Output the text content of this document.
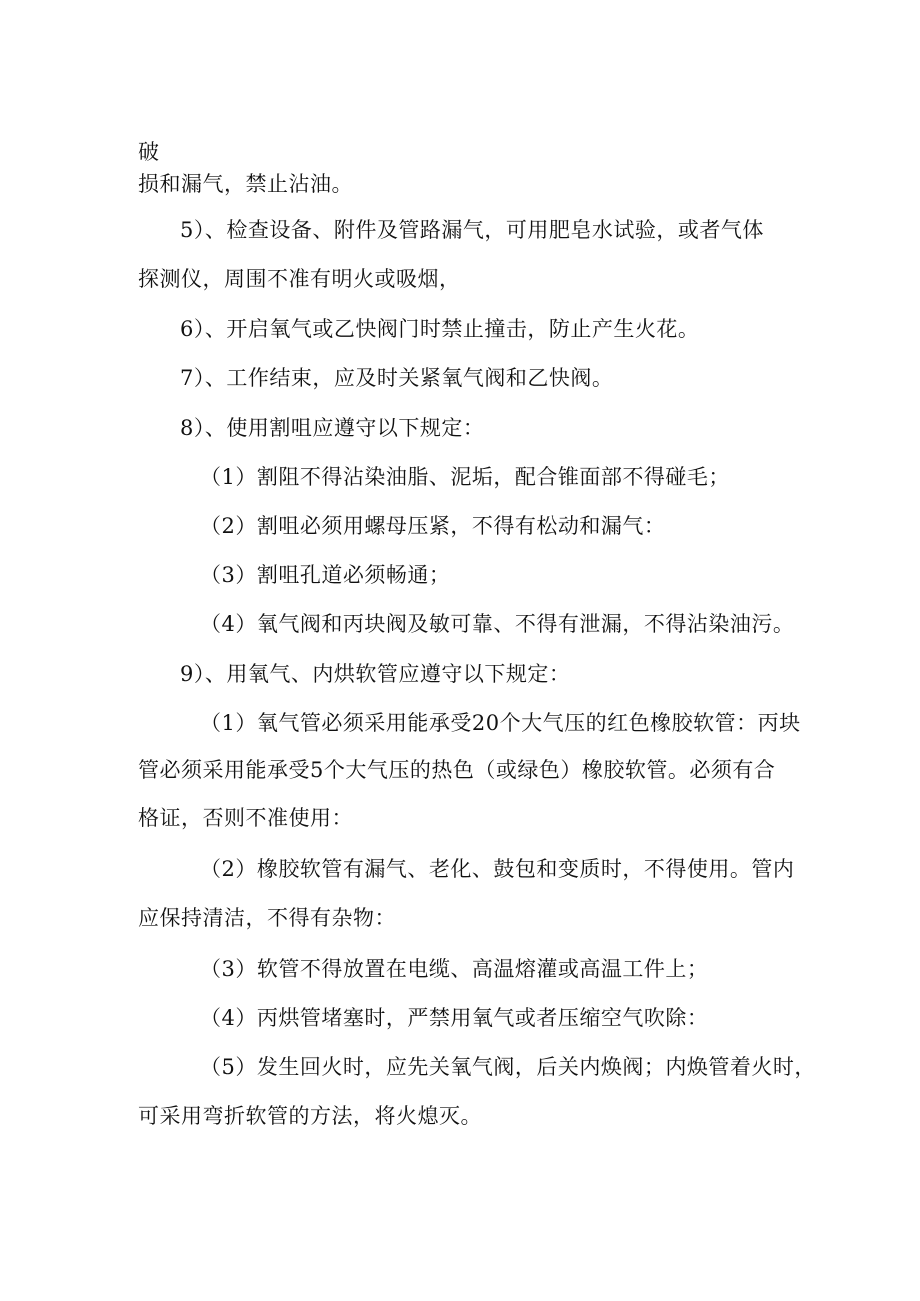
破
损和漏气，禁止沾油。
5）、检查设备、附件及管路漏气，可用肥皂水试验，或者气体
探测仪，周围不准有明火或吸烟，
6）、开启氧气或乙快阀门时禁止撞击，防止产生火花。
7）、工作结束，应及时关紧氧气阀和乙快阀。
8）、使用割咀应遵守以下规定：
（1）割阻不得沾染油脂、泥垢，配合锥面部不得碰毛；
（2）割咀必须用螺母压紧，不得有松动和漏气：
（3）割咀孔道必须畅通；
（4）氧气阀和丙块阀及敏可靠、不得有泄漏，不得沾染油污。
9）、用氧气、内烘软管应遵守以下规定：
（1）氧气管必须采用能承受20个大气压的红色橡胶软管：丙块
管必须采用能承受5个大气压的热色（或绿色）橡胶软管。必须有合
格证，否则不准使用：
（2）橡胶软管有漏气、老化、鼓包和变质时，不得使用。管内
应保持清洁，不得有杂物：
（3）软管不得放置在电缆、高温熔灌或高温工件上；
（4）丙烘管堵塞时，严禁用氧气或者压缩空气吹除：
（5）发生回火时，应先关氧气阀，后关内焕阀；内焕管着火时，
可采用弯折软管的方法，将火熄灭。
